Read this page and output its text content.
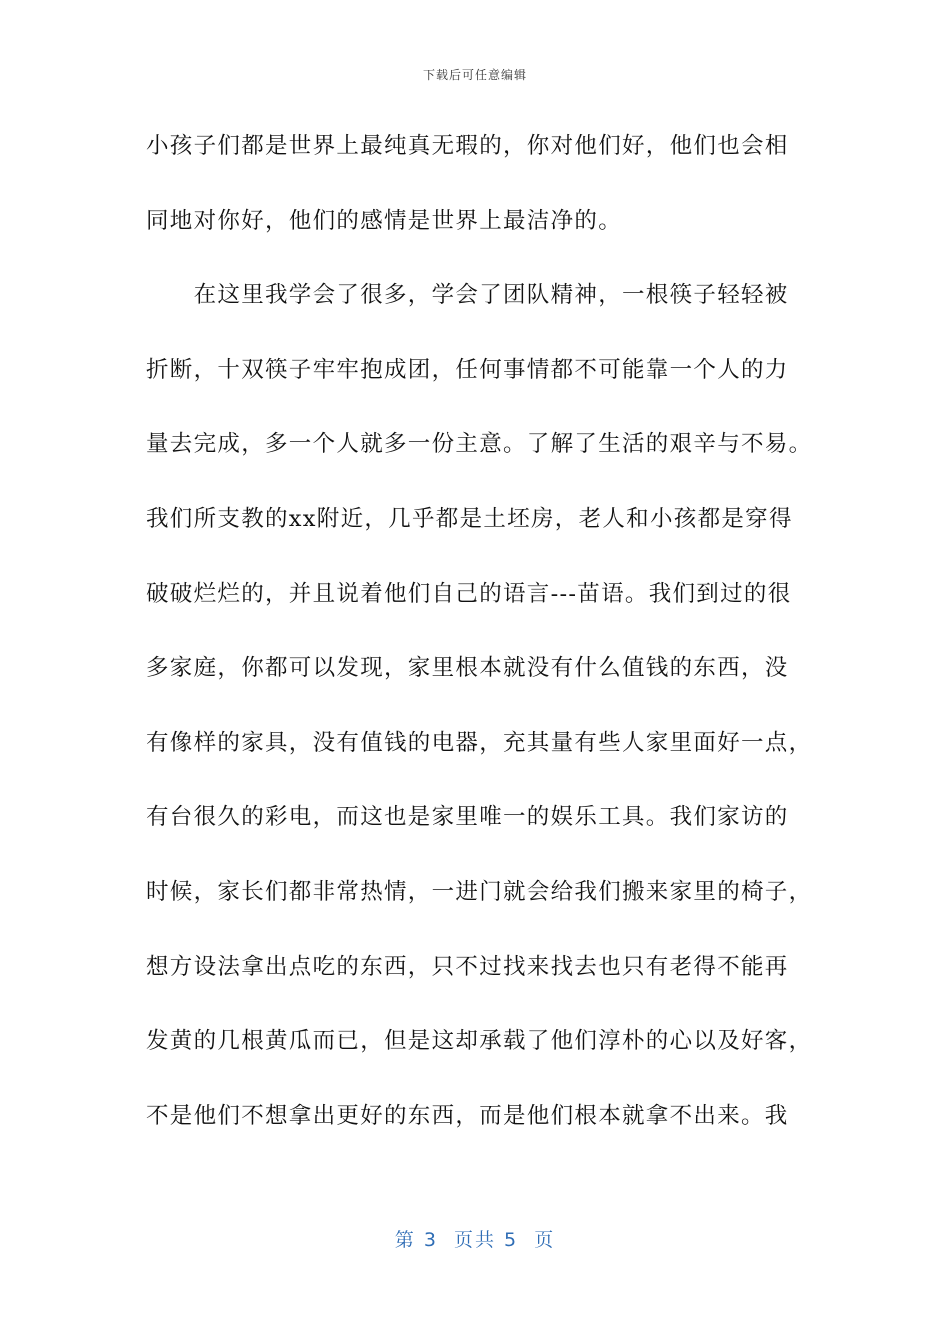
下载后可任意编辑
小孩子们都是世界上最纯真无瑕的，你对他们好，他们也会相
同地对你好，他们的感情是世界上最洁净的。
　　在这里我学会了很多，学会了团队精神，一根筷子轻轻被
折断，十双筷子牢牢抱成团，任何事情都不可能靠一个人的力
量去完成，多一个人就多一份主意。了解了生活的艰辛与不易。
我们所支教的xx附近，几乎都是土坯房，老人和小孩都是穿得
破破烂烂的，并且说着他们自己的语言---苗语。我们到过的很
多家庭，你都可以发现，家里根本就没有什么值钱的东西，没
有像样的家具，没有值钱的电器，充其量有些人家里面好一点，
有台很久的彩电，而这也是家里唯一的娱乐工具。我们家访的
时候，家长们都非常热情，一进门就会给我们搬来家里的椅子，
想方设法拿出点吃的东西，只不过找来找去也只有老得不能再
发黄的几根黄瓜而已，但是这却承载了他们淳朴的心以及好客，
不是他们不想拿出更好的东西，而是他们根本就拿不出来。我
第 3  页共 5  页
